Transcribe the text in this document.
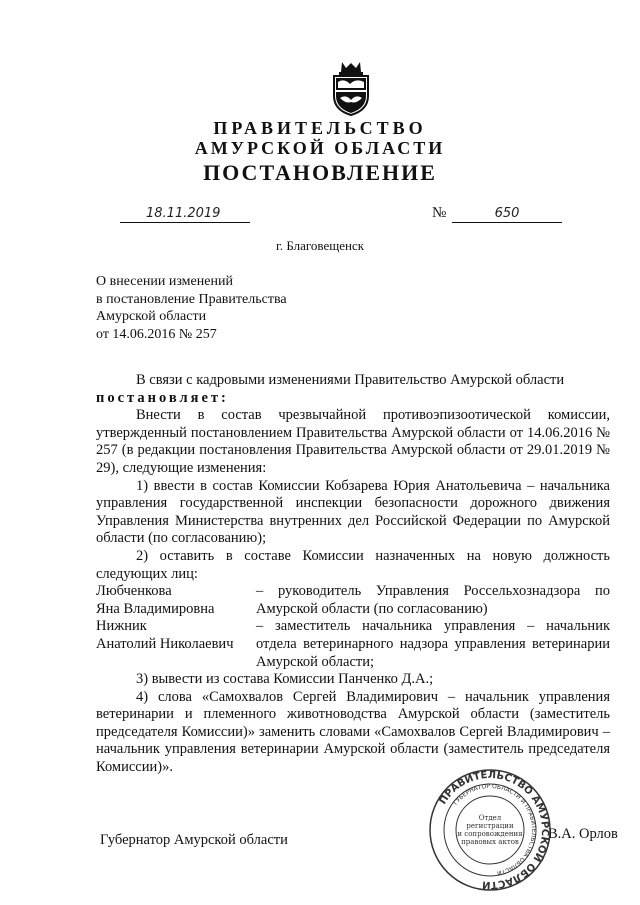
ПРАВИТЕЛЬСТВО
АМУРСКОЙ ОБЛАСТИ
ПОСТАНОВЛЕНИЕ
18.11.2019	№	650
г. Благовещенск
О внесении изменений
в постановление Правительства
Амурской области
от 14.06.2016 № 257

В связи с кадровыми изменениями Правительство Амурской области

постановляет:

Внести в состав чрезвычайной противоэпизоотической комиссии, утвержденный постановлением Правительства Амурской области от 14.06.2016 № 257 (в редакции постановления Правительства Амурской области от 29.01.2019 № 29), следующие изменения:

1) ввести в состав Комиссии Кобзарева Юрия Анатольевича – начальника управления государственной инспекции безопасности дорожного движения Управления Министерства внутренних дел Российской Федерации по Амурской области (по согласованию);

2) оставить в составе Комиссии назначенных на новую должность следующих лиц:

Любченкова
Яна Владимировна
– руководитель Управления Россельхознадзора по Амурской области (по согласованию)
Нижник
Анатолий Николаевич
– заместитель начальника управления – начальник отдела ветеринарного надзора управления ветеринарии Амурской области;

3) вывести из состава Комиссии Панченко Д.А.;

4) слова «Самохвалов Сергей Владимирович – начальник управления ветеринарии и племенного животноводства Амурской области (заместитель председателя Комиссии)» заменить словами «Самохвалов Сергей Владимирович – начальник управления ветеринарии Амурской области (заместитель председателя Комиссии)».

Губернатор Амурской области	В.А. Орлов
ПРАВИТЕЛЬСТВО АМУРСКОЙ ОБЛАСТИ
ГУБЕРНАТОР ОБЛАСТИ И ПРАВИТЕЛЬСТВА ОБЛАСТИ
Отдел
регистрации
и сопровождения
правовых актов
